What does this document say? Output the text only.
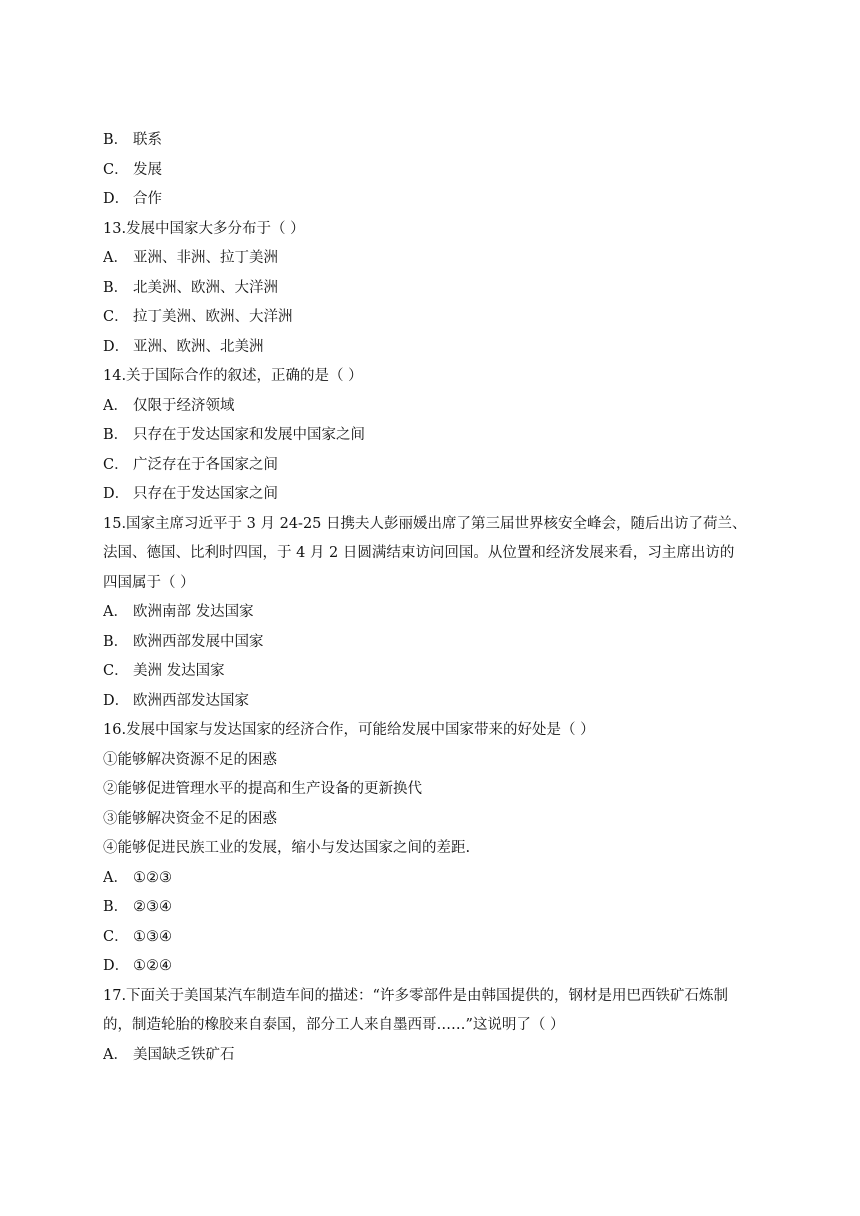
B． 联系
C． 发展
D． 合作
13.发展中国家大多分布于（ ）
A． 亚洲、非洲、拉丁美洲
B． 北美洲、欧洲、大洋洲
C． 拉丁美洲、欧洲、大洋洲
D． 亚洲、欧洲、北美洲
14.关于国际合作的叙述，正确的是（ ）
A． 仅限于经济领域
B． 只存在于发达国家和发展中国家之间
C． 广泛存在于各国家之间
D． 只存在于发达国家之间
15.国家主席习近平于 3 月 24-25 日携夫人彭丽媛出席了第三届世界核安全峰会，随后出访了荷兰、
法国、德国、比利时四国，于 4 月 2 日圆满结束访问回国。从位置和经济发展来看，习主席出访的
四国属于（ ）
A． 欧洲南部 发达国家
B． 欧洲西部发展中国家
C． 美洲 发达国家
D． 欧洲西部发达国家
16.发展中国家与发达国家的经济合作，可能给发展中国家带来的好处是（ ）
①能够解决资源不足的困惑
②能够促进管理水平的提高和生产设备的更新换代
③能够解决资金不足的困惑
④能够促进民族工业的发展，缩小与发达国家之间的差距.
A． ①②③
B． ②③④
C． ①③④
D． ①②④
17.下面关于美国某汽车制造车间的描述：“许多零部件是由韩国提供的，钢材是用巴西铁矿石炼制
的，制造轮胎的橡胶来自泰国，部分工人来自墨西哥……”这说明了（ ）
A． 美国缺乏铁矿石
